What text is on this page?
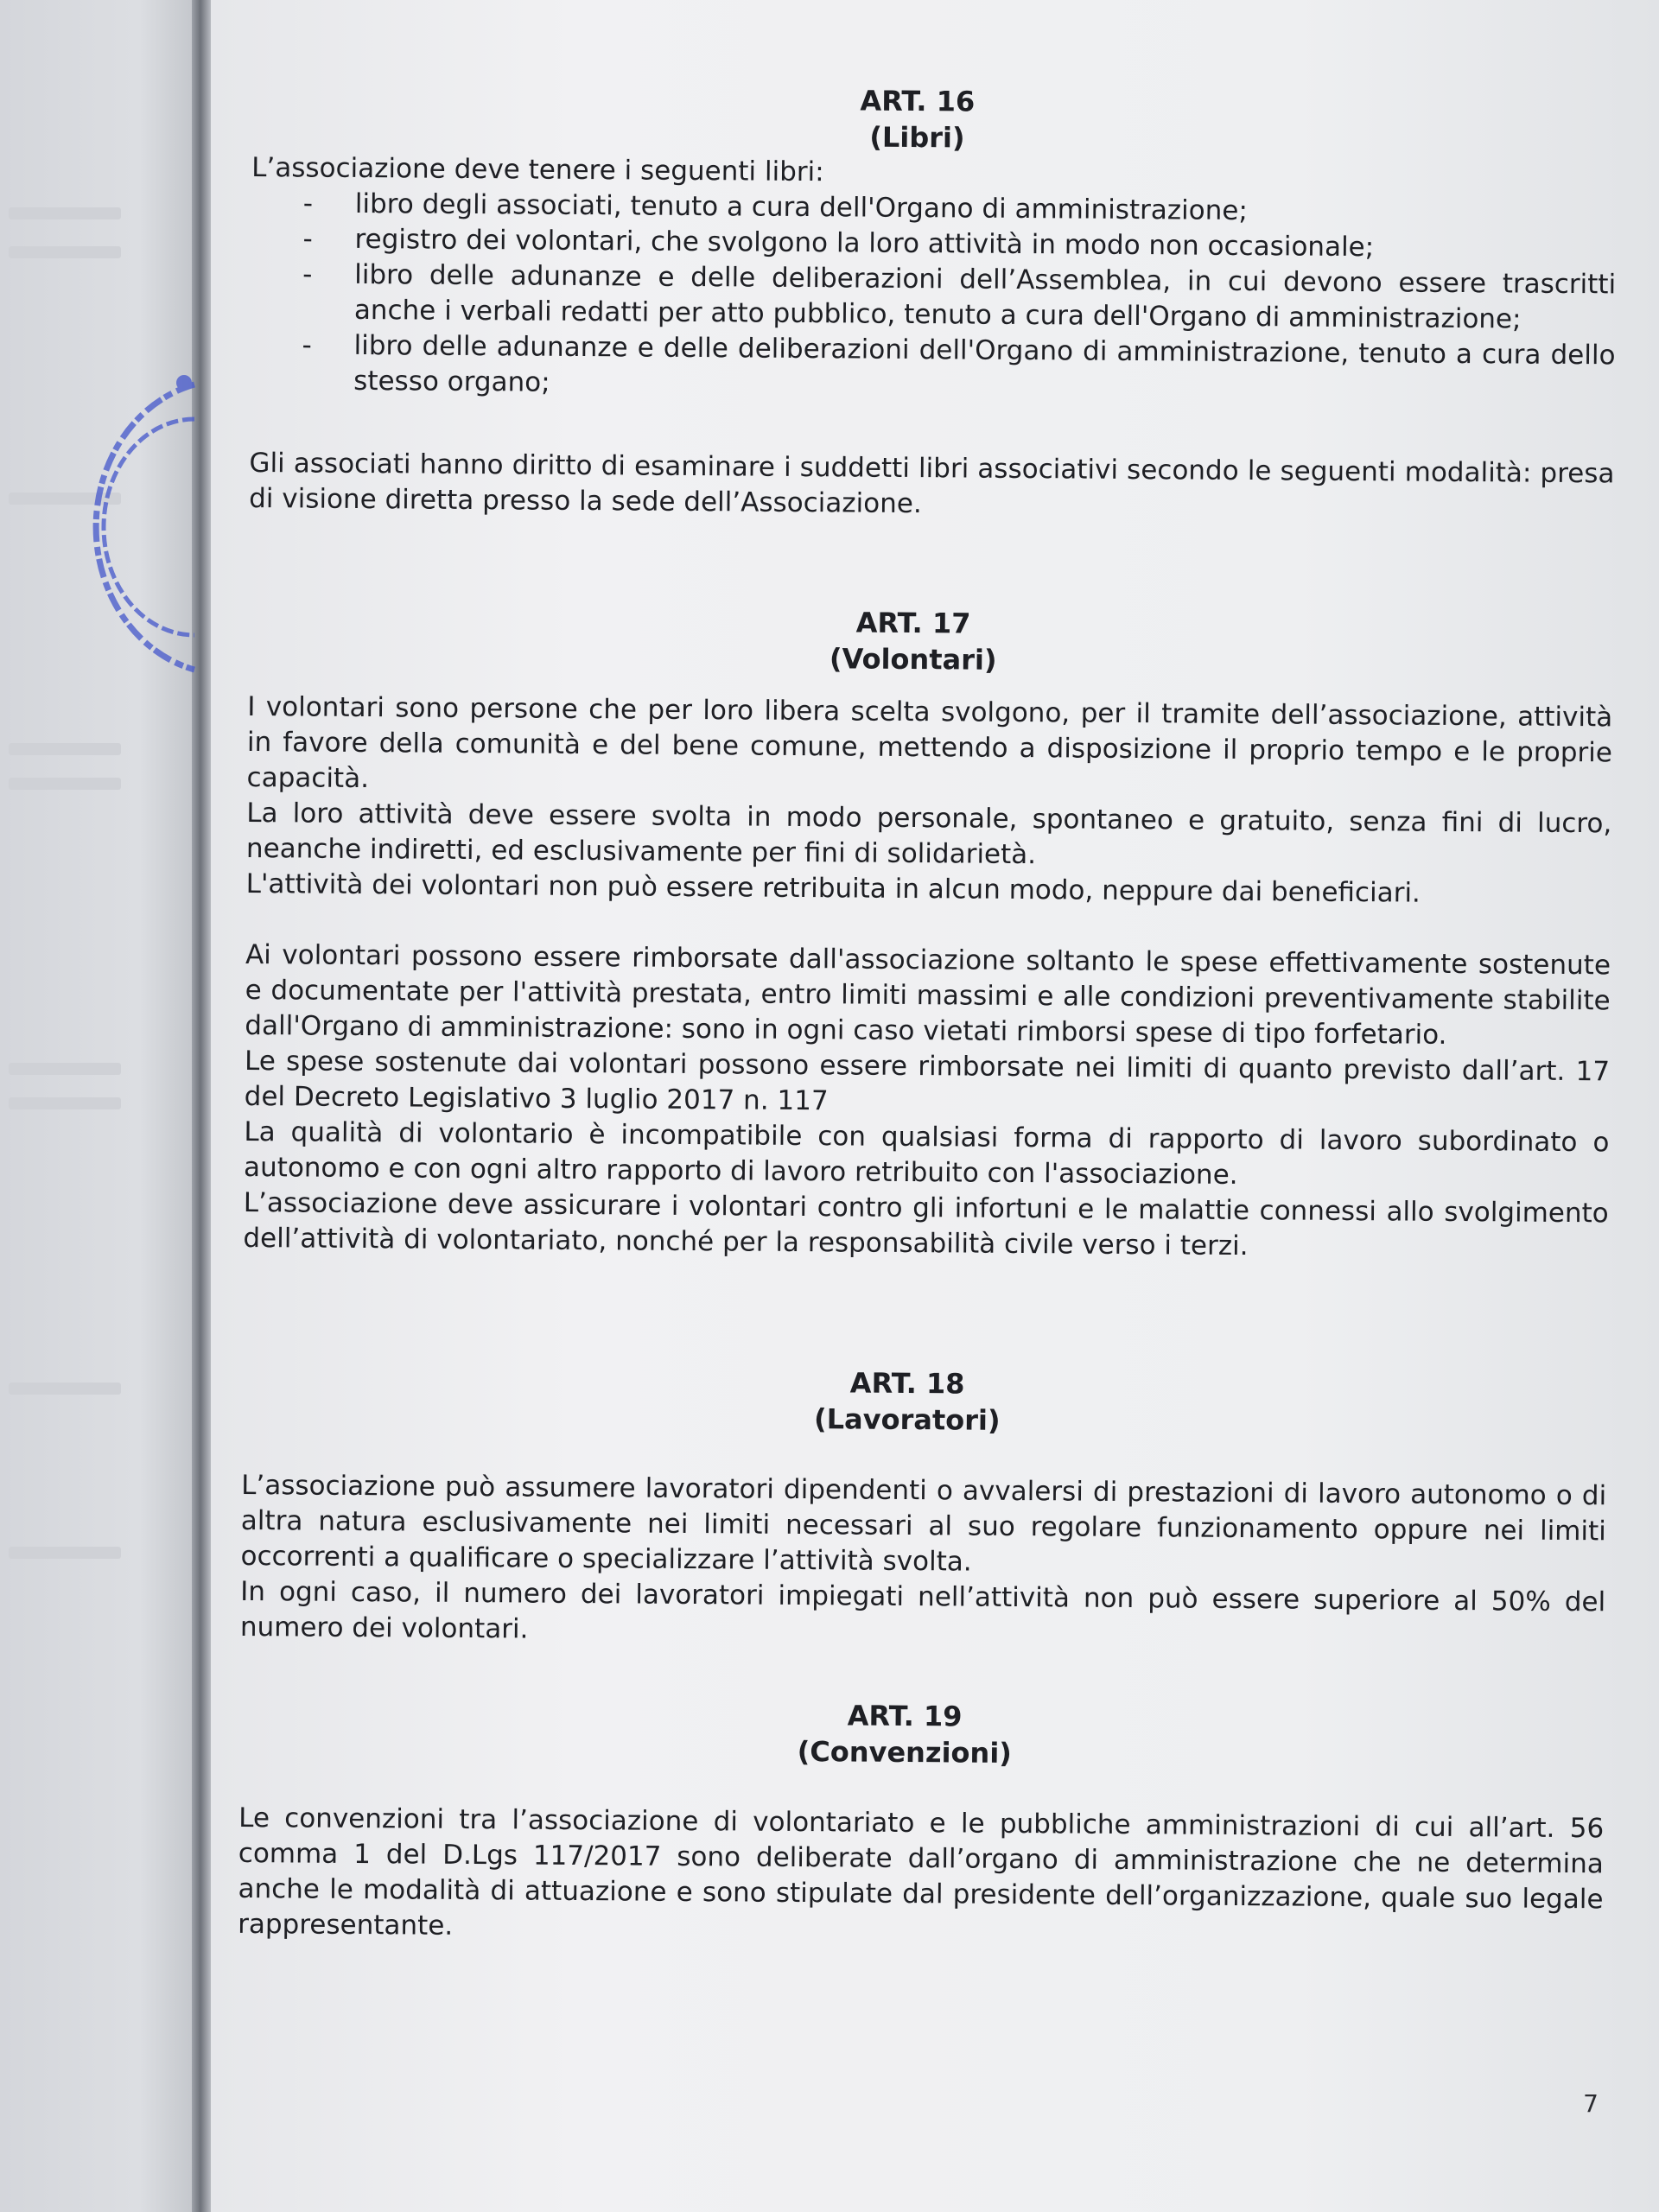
ART. 16
(Libri)

L’associazione deve tenere i seguenti libri:

- libro degli associati, tenuto a cura dell'Organo di amministrazione;
- registro dei volontari, che svolgono la loro attività in modo non occasionale;
- libro delle adunanze e delle deliberazioni dell’Assemblea, in cui devono essere trascritti anche i verbali redatti per atto pubblico, tenuto a cura dell'Organo di amministrazione;
- libro delle adunanze e delle deliberazioni dell'Organo di amministrazione, tenuto a cura dello stesso organo;

Gli associati hanno diritto di esaminare i suddetti libri associativi secondo le seguenti modalità: presa di visione diretta presso la sede dell’Associazione.

ART. 17
(Volontari)

I volontari sono persone che per loro libera scelta svolgono, per il tramite dell’associazione, attività in favore della comunità e del bene comune, mettendo a disposizione il proprio tempo e le proprie capacità.

La loro attività deve essere svolta in modo personale, spontaneo e gratuito, senza fini di lucro, neanche indiretti, ed esclusivamente per fini di solidarietà.

L'attività dei volontari non può essere retribuita in alcun modo, neppure dai beneficiari.

Ai volontari possono essere rimborsate dall'associazione soltanto le spese effettivamente sostenute e documentate per l'attività prestata, entro limiti massimi e alle condizioni preventivamente stabilite dall'Organo di amministrazione: sono in ogni caso vietati rimborsi spese di tipo forfetario.

Le spese sostenute dai volontari possono essere rimborsate nei limiti di quanto previsto dall’art. 17 del Decreto Legislativo 3 luglio 2017 n. 117

La qualità di volontario è incompatibile con qualsiasi forma di rapporto di lavoro subordinato o autonomo e con ogni altro rapporto di lavoro retribuito con l'associazione.

L’associazione deve assicurare i volontari contro gli infortuni e le malattie connessi allo svolgimento dell’attività di volontariato, nonché per la responsabilità civile verso i terzi.

ART. 18
(Lavoratori)

L’associazione può assumere lavoratori dipendenti o avvalersi di prestazioni di lavoro autonomo o di altra natura esclusivamente nei limiti necessari al suo regolare funzionamento oppure nei limiti occorrenti a qualificare o specializzare l’attività svolta.

In ogni caso, il numero dei lavoratori impiegati nell’attività non può essere superiore al 50% del numero dei volontari.

ART. 19
(Convenzioni)

Le convenzioni tra l’associazione di volontariato e le pubbliche amministrazioni di cui all’art. 56 comma 1 del D.Lgs 117/2017 sono deliberate dall’organo di amministrazione che ne determina anche le modalità di attuazione e sono stipulate dal presidente dell’organizzazione, quale suo legale rappresentante.

7
